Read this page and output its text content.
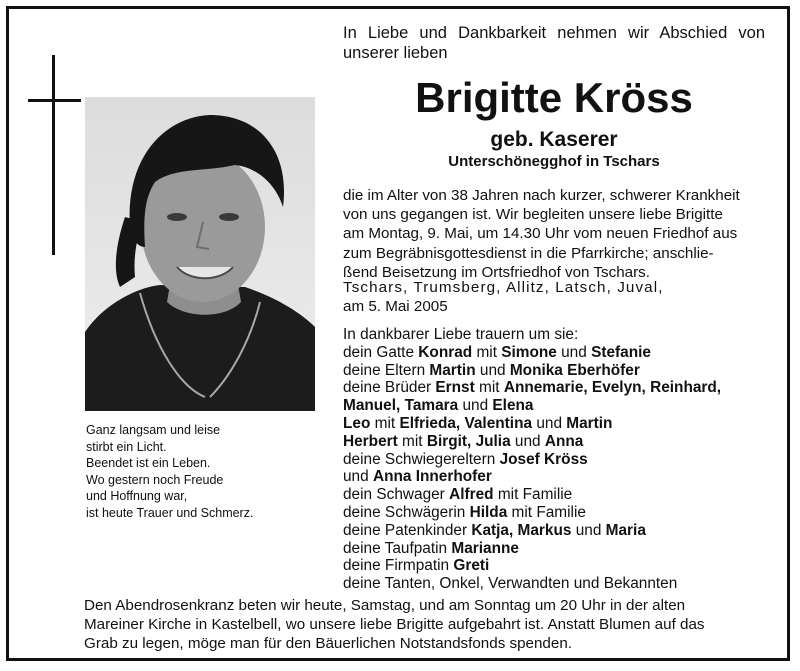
Ganz langsam und leise
stirbt ein Licht.
Beendet ist ein Leben.
Wo gestern noch Freude
und Hoffnung war,
ist heute Trauer und Schmerz.
In Liebe und Dankbarkeit nehmen wir Abschied von
unserer lieben
Brigitte Kröss
geb. Kaserer
Unterschönegghof in Tschars
die im Alter von 38 Jahren nach kurzer, schwerer Krankheit
von uns gegangen ist. Wir begleiten unsere liebe Brigitte
am Montag, 9. Mai, um 14.30 Uhr vom neuen Friedhof aus
zum Begräbnisgottesdienst in die Pfarrkirche; anschlie-
ßend Beisetzung im Ortsfriedhof von Tschars.
Tschars, Trumsberg, Allitz, Latsch, Juval,
am 5. Mai 2005
In dankbarer Liebe trauern um sie:
dein Gatte Konrad mit Simone und Stefanie
deine Eltern Martin und Monika Eberhöfer
deine Brüder Ernst mit Annemarie, Evelyn, Reinhard,
Manuel, Tamara und Elena
Leo mit Elfrieda, Valentina und Martin
Herbert mit Birgit, Julia und Anna
deine Schwiegereltern Josef Kröss
und Anna Innerhofer
dein Schwager Alfred mit Familie
deine Schwägerin Hilda mit Familie
deine Patenkinder Katja, Markus und Maria
deine Taufpatin Marianne
deine Firmpatin Greti
deine Tanten, Onkel, Verwandten und Bekannten
Den Abendrosenkranz beten wir heute, Samstag, und am Sonntag um 20 Uhr in der alten
Mareiner Kirche in Kastelbell, wo unsere liebe Brigitte aufgebahrt ist. Anstatt Blumen auf das
Grab zu legen, möge man für den Bäuerlichen Notstandsfonds spenden.
